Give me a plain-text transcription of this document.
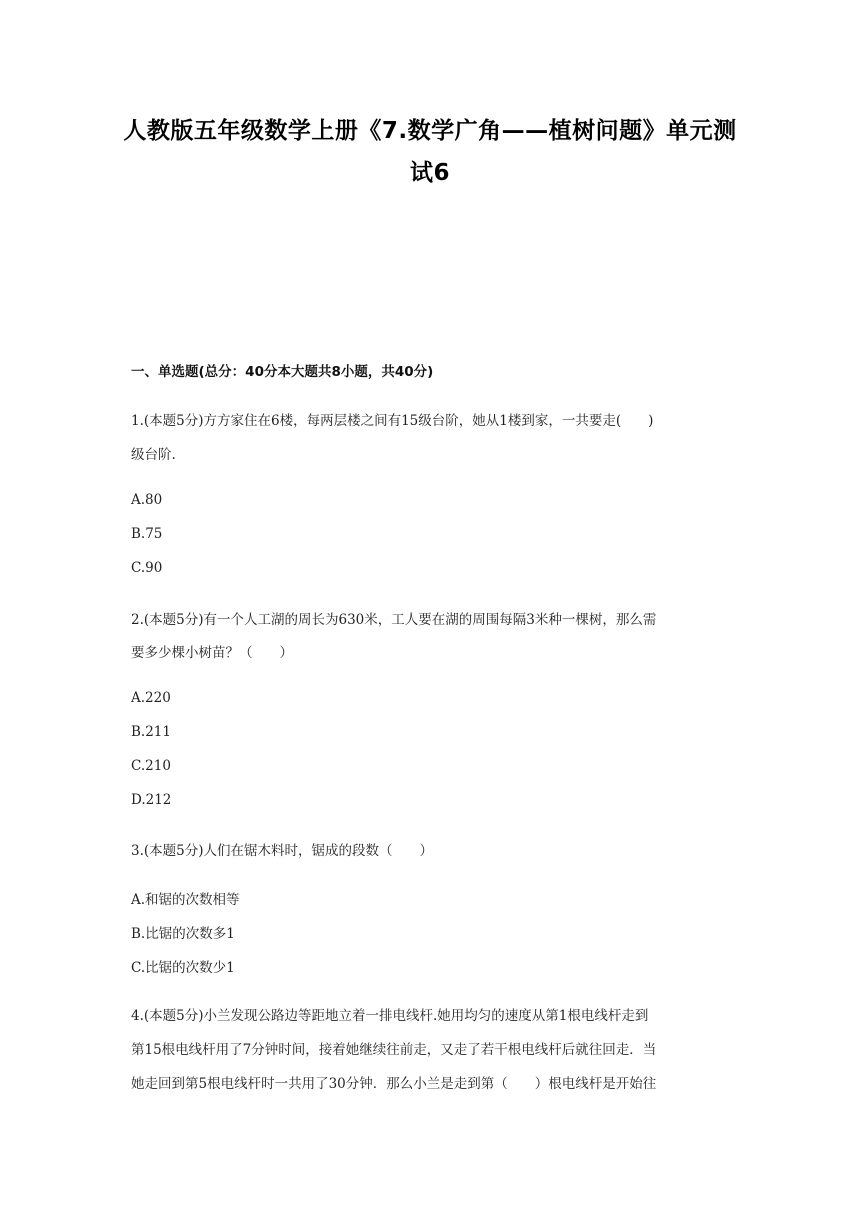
人教版五年级数学上册《7.数学广角——植树问题》单元测
试6
一、单选题(总分：40分本大题共8小题，共40分)
1.(本题5分)方方家住在6楼，每两层楼之间有15级台阶，她从1楼到家，一共要走(　　)
级台阶.
A.80
B.75
C.90
2.(本题5分)有一个人工湖的周长为630米，工人要在湖的周围每隔3米种一棵树，那么需
要多少棵小树苗？（　　）
A.220
B.211
C.210
D.212
3.(本题5分)人们在锯木料时，锯成的段数（　　）
A.和锯的次数相等
B.比锯的次数多1
C.比锯的次数少1
4.(本题5分)小兰发现公路边等距地立着一排电线杆.她用均匀的速度从第1根电线杆走到
第15根电线杆用了7分钟时间，接着她继续往前走，又走了若干根电线杆后就往回走．当
她走回到第5根电线杆时一共用了30分钟．那么小兰是走到第（　　）根电线杆是开始往
